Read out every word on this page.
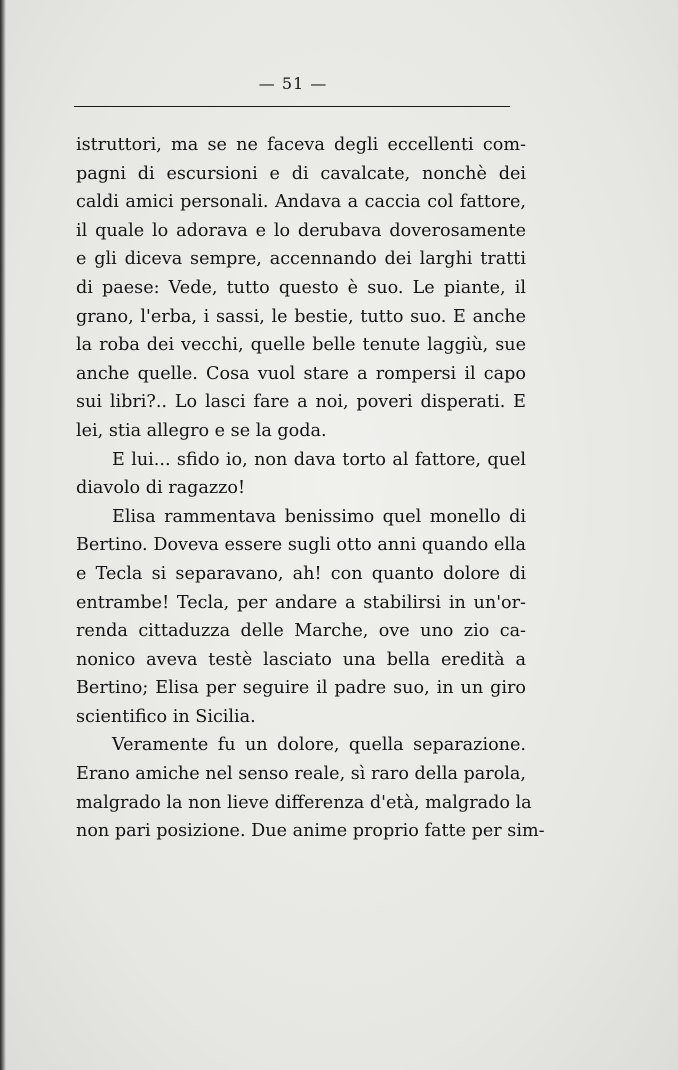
— 51 —
istruttori, ma se ne faceva degli eccellenti com-
pagni di escursioni e di cavalcate, nonchè dei
caldi amici personali. Andava a caccia col fattore,
il quale lo adorava e lo derubava doverosamente
e gli diceva sempre, accennando dei larghi tratti
di paese: Vede, tutto questo è suo. Le piante, il
grano, l'erba, i sassi, le bestie, tutto suo. E anche
la roba dei vecchi, quelle belle tenute laggiù, sue
anche quelle. Cosa vuol stare a rompersi il capo
sui libri?.. Lo lasci fare a noi, poveri disperati. E
lei, stia allegro e se la goda.
E lui... sfido io, non dava torto al fattore, quel
diavolo di ragazzo!
Elisa rammentava benissimo quel monello di
Bertino. Doveva essere sugli otto anni quando ella
e Tecla si separavano, ah! con quanto dolore di
entrambe! Tecla, per andare a stabilirsi in un'or-
renda cittaduzza delle Marche, ove uno zio ca-
nonico aveva testè lasciato una bella eredità a
Bertino; Elisa per seguire il padre suo, in un giro
scientifico in Sicilia.
Veramente fu un dolore, quella separazione.
Erano amiche nel senso reale, sì raro della parola,
malgrado la non lieve differenza d'età, malgrado la
non pari posizione. Due anime proprio fatte per sim-
